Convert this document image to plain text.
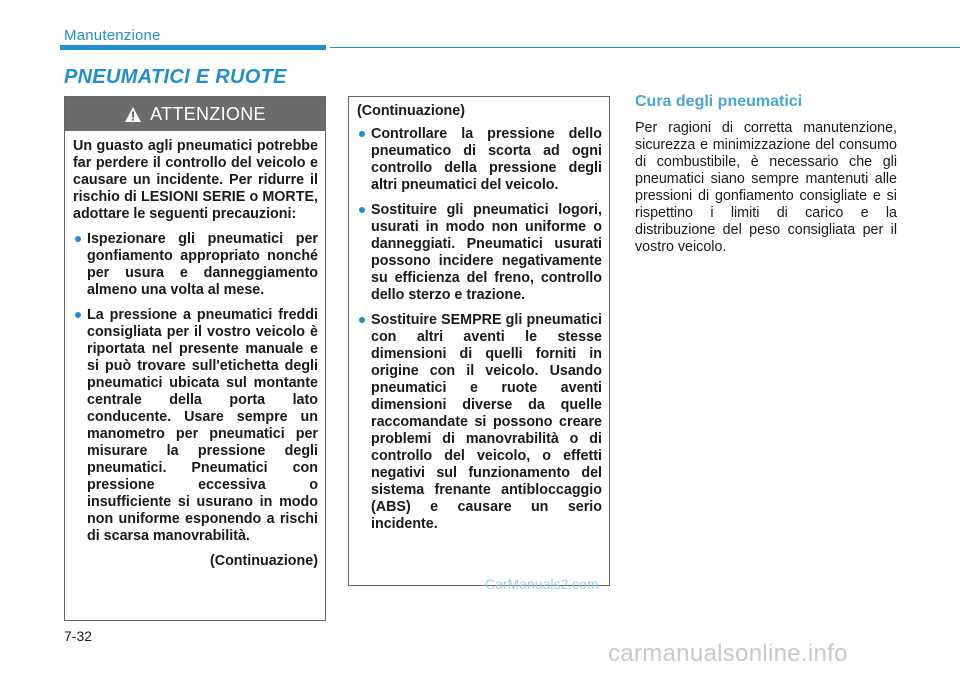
Manutenzione
PNEUMATICI E RUOTE
ATTENZIONE

Un guasto agli pneumatici potrebbe far perdere il controllo del veicolo e causare un incidente. Per ridurre il rischio di LESIONI SERIE o MORTE, adottare le seguenti precauzioni:

Ispezionare gli pneumatici per gonfiamento appropriato nonché per usura e danneggiamento almeno una volta al mese.
La pressione a pneumatici freddi consigliata per il vostro veicolo è riportata nel presente manuale e si può trovare sull'etichetta degli pneumatici ubicata sul montante centrale della porta lato conducente. Usare sempre un manometro per pneumatici per misurare la pressione degli pneumatici. Pneumatici con pressione eccessiva o insufficiente si usurano in modo non uniforme esponendo a rischi di scarsa manovrabilità.
(Continuazione)
(Continuazione)
Controllare la pressione dello pneumatico di scorta ad ogni controllo della pressione degli altri pneumatici del veicolo.
Sostituire gli pneumatici logori, usurati in modo non uniforme o danneggiati. Pneumatici usurati possono incidere negativamente su efficienza del freno, controllo dello sterzo e trazione.
Sostituire SEMPRE gli pneumatici con altri aventi le stesse dimensioni di quelli forniti in origine con il veicolo. Usando pneumatici e ruote aventi dimensioni diverse da quelle raccomandate si possono creare problemi di manovrabilità o di controllo del veicolo, o effetti negativi sul funzionamento del sistema frenante antibloccaggio (ABS) e causare un serio incidente.
Cura degli pneumatici

Per ragioni di corretta manutenzione, sicurezza e minimizzazione del consumo di combustibile, è necessario che gli pneumatici siano sempre mantenuti alle pressioni di gonfiamento consigliate e si rispettino i limiti di carico e la distribuzione del peso consigliata per il vostro veicolo.

CarManuals2.com
7-32
carmanualsonline.info
